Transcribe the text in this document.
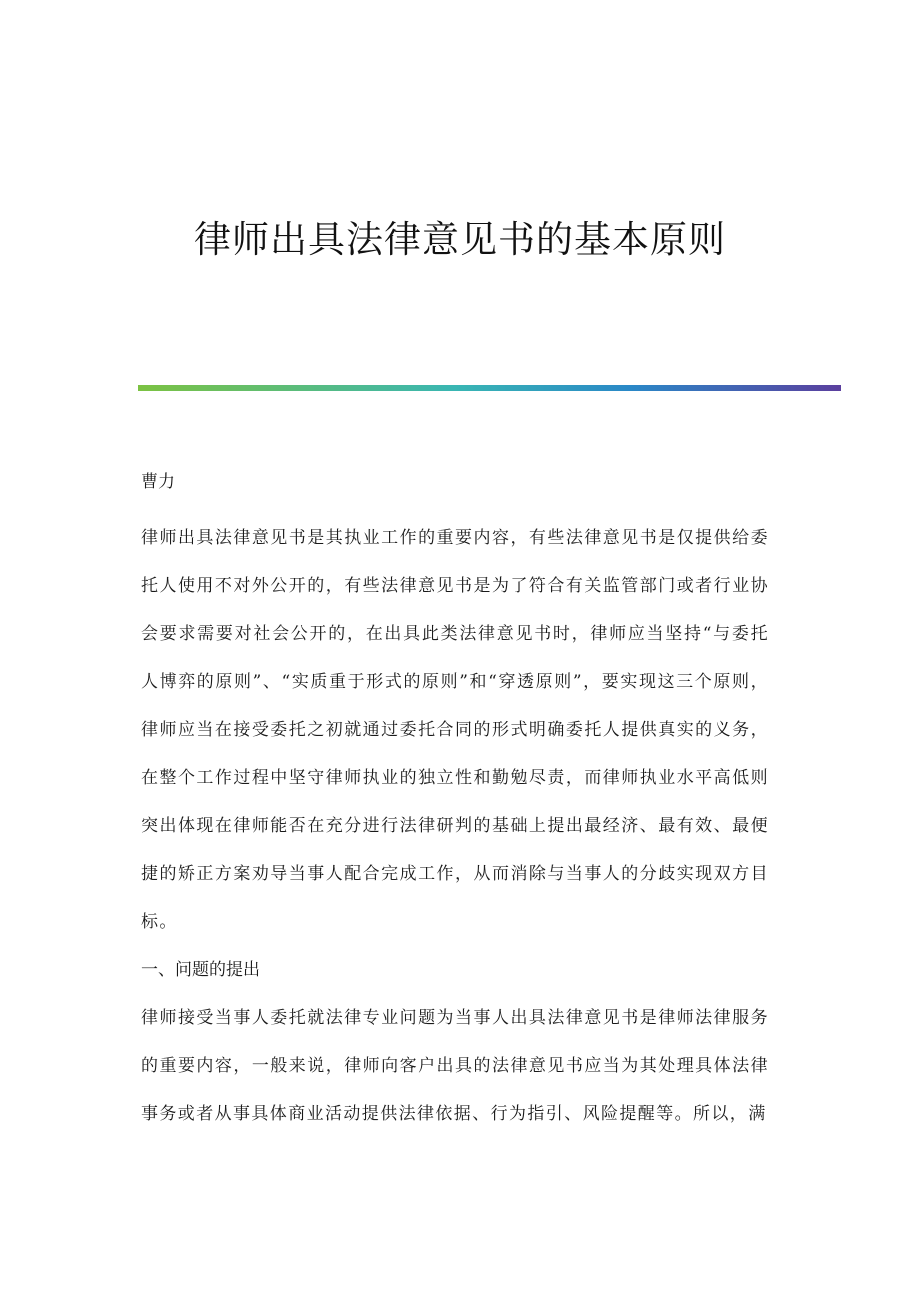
律师出具法律意见书的基本原则

曹力

律师出具法律意见书是其执业工作的重要内容，有些法律意见书是仅提供给委托人使用不对外公开的，有些法律意见书是为了符合有关监管部门或者行业协会要求需要对社会公开的，在出具此类法律意见书时，律师应当坚持“与委托人博弈的原则”、“实质重于形式的原则”和“穿透原则”，要实现这三个原则，律师应当在接受委托之初就通过委托合同的形式明确委托人提供真实的义务，在整个工作过程中坚守律师执业的独立性和勤勉尽责，而律师执业水平高低则突出体现在律师能否在充分进行法律研判的基础上提出最经济、最有效、最便捷的矫正方案劝导当事人配合完成工作，从而消除与当事人的分歧实现双方目标。

一、问题的提出

律师接受当事人委托就法律专业问题为当事人出具法律意见书是律师法律服务的重要内容，一般来说，律师向客户出具的法律意见书应当为其处理具体法律事务或者从事具体商业活动提供法律依据、行为指引、风险提醒等。所以，满
